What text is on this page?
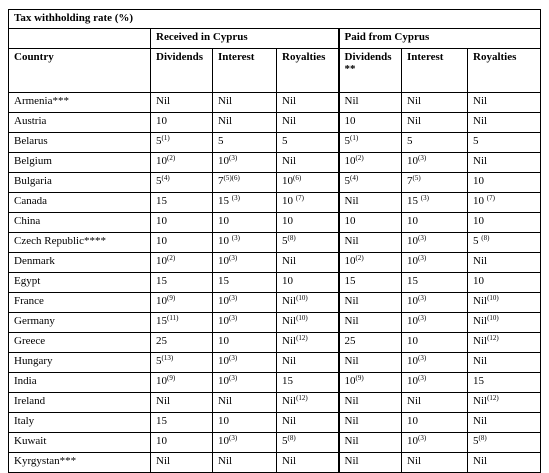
Tax withholding rate (%)						
	Received in Cyprus			Paid from Cyprus		
Country	Dividends	Interest	Royalties	Dividends **	Interest	Royalties
Armenia***	Nil	Nil	Nil	Nil	Nil	Nil
Austria	10	Nil	Nil	10	Nil	Nil
Belarus	5$^{(1)}$	5	5	5$^{(1)}$	5	5
Belgium	10$^{(2)}$	10$^{(3)}$	Nil	10$^{(2)}$	10$^{(3)}$	Nil
Bulgaria	5$^{(4)}$	$7^{(5)(6)}$	10$^{(6)}$	5$^{(4)}$	7$^{(5)}$	10
Canada	15	15 $^{(3)}$	10 $^{(7)}$	Nil	15 $^{(3)}$	10 $^{(7)}$
China	10	10	10	10	10	10
Czech Republic****	10	10 $^{(3)}$	5$^{(8)}$	Nil	10$^{(3)}$	5 $^{(8)}$
Denmark	10$^{(2)}$	10$^{(3)}$	Nil	10$^{(2)}$	10$^{(3)}$	Nil
Egypt	15	15	10	15	15	10
France	10$^{(9)}$	10$^{(3)}$	Nil$^{(10)}$	Nil	10$^{(3)}$	Nil$^{(10)}$
Germany	15$^{(11)}$	10$^{(3)}$	Nil$^{(10)}$	Nil	10$^{(3)}$	Nil$^{(10)}$
Greece	25	10	Nil$^{(12)}$	25	10	Nil$^{(12)}$
Hungary	5$^{(13)}$	10$^{(3)}$	Nil	Nil	10$^{(3)}$	Nil
India	10$^{(9)}$	10$^{(3)}$	15	10$^{(9)}$	10$^{(3)}$	15
Ireland	Nil	Nil	Nil$^{(12)}$	Nil	Nil	Nil$^{(12)}$
Italy	15	10	Nil	Nil	10	Nil
Kuwait	10	10$^{(3)}$	5$^{(8)}$	Nil	10$^{(3)}$	5$^{(8)}$
Kyrgystan***	Nil	Nil	Nil	Nil	Nil	Nil
